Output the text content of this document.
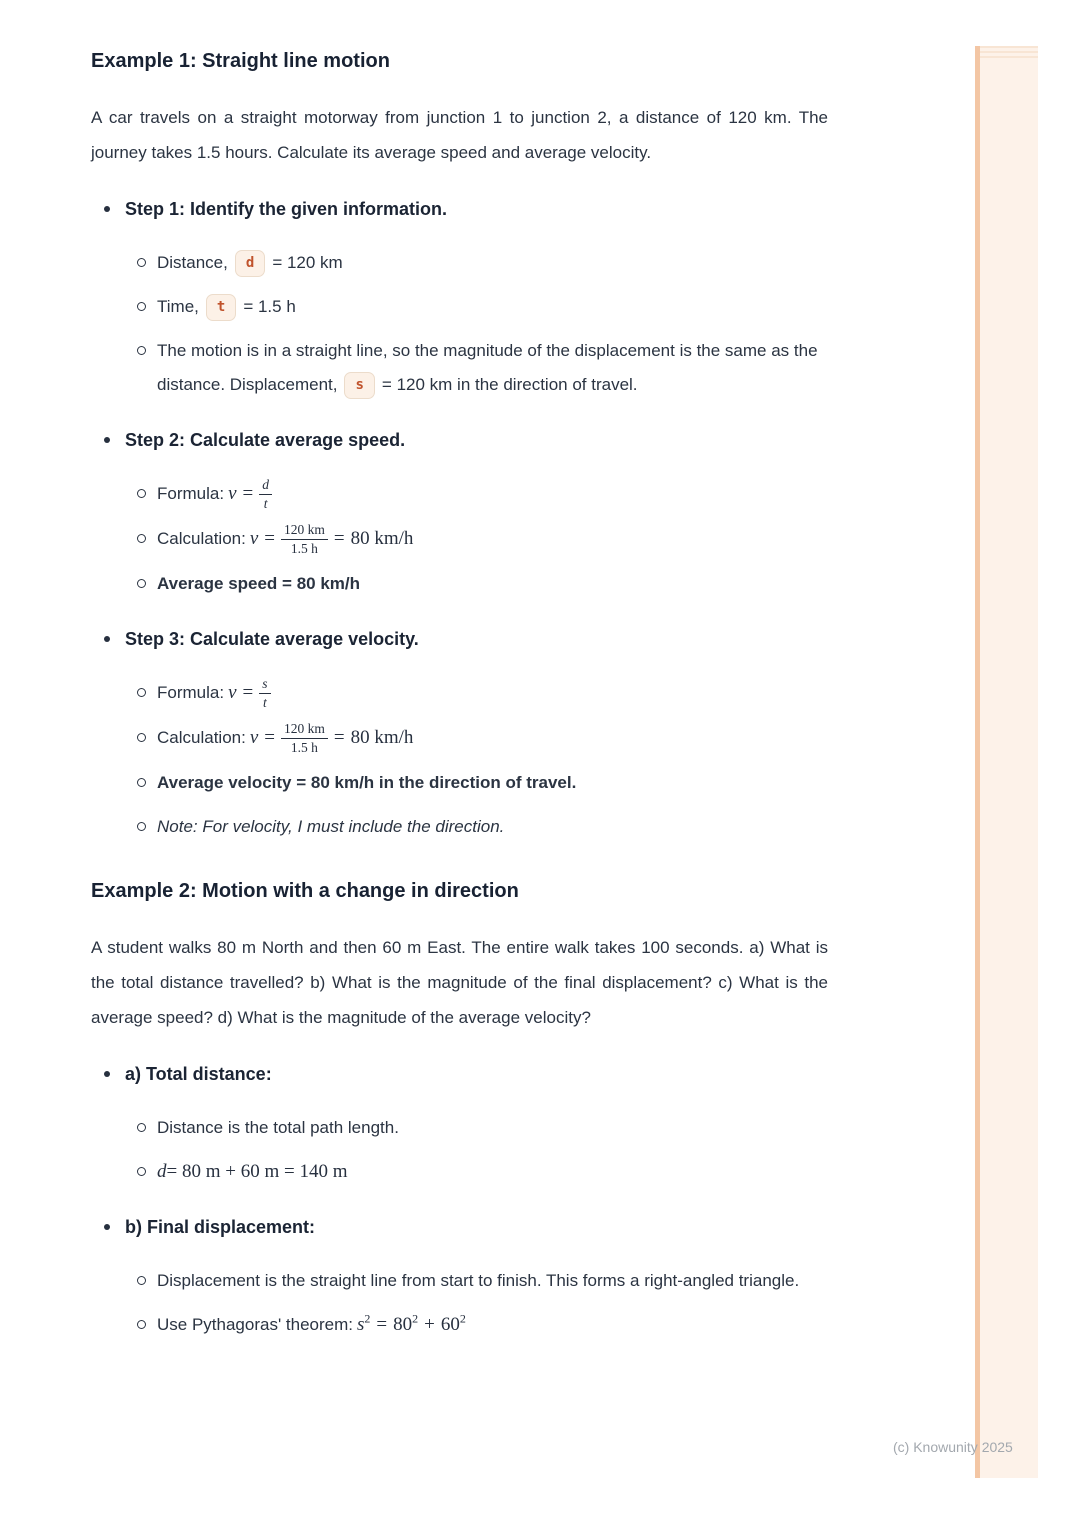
(c) Knowunity 2025
Example 1: Straight line motion

A car travels on a straight motorway from junction 1 to junction 2, a distance of 120 km. The journey takes 1.5 hours. Calculate its average speed and average velocity.

Step 1: Identify the given information.
Distance, d = 120 km
Time, t = 1.5 h
The motion is in a straight line, so the magnitude of the displacement is the same as the distance. Displacement, s = 120 km in the direction of travel.
Step 2: Calculate average speed.
Formula: $v = \frac{d}{t}$
Calculation: $v = \frac{120 km}{1.5 h} = 80$ km/h
Average speed = 80 km/h
Step 3: Calculate average velocity.
Formula: $v = \frac{s}{t}$
Calculation: $v = \frac{120 km}{1.5 h} = 80$ km/h
Average velocity = 80 km/h in the direction of travel.
Note: For velocity, I must include the direction.
Example 2: Motion with a change in direction

A student walks 80 m North and then 60 m East. The entire walk takes 100 seconds. a) What is the total distance travelled? b) What is the magnitude of the final displacement? c) What is the average speed? d) What is the magnitude of the average velocity?

a) Total distance:
Distance is the total path length.
d= 80 m + 60 m = 140 m
b) Final displacement:
Displacement is the straight line from start to finish. This forms a right-angled triangle.
Use Pythagoras' theorem: $s^2 = 80^2 + 60^2$
